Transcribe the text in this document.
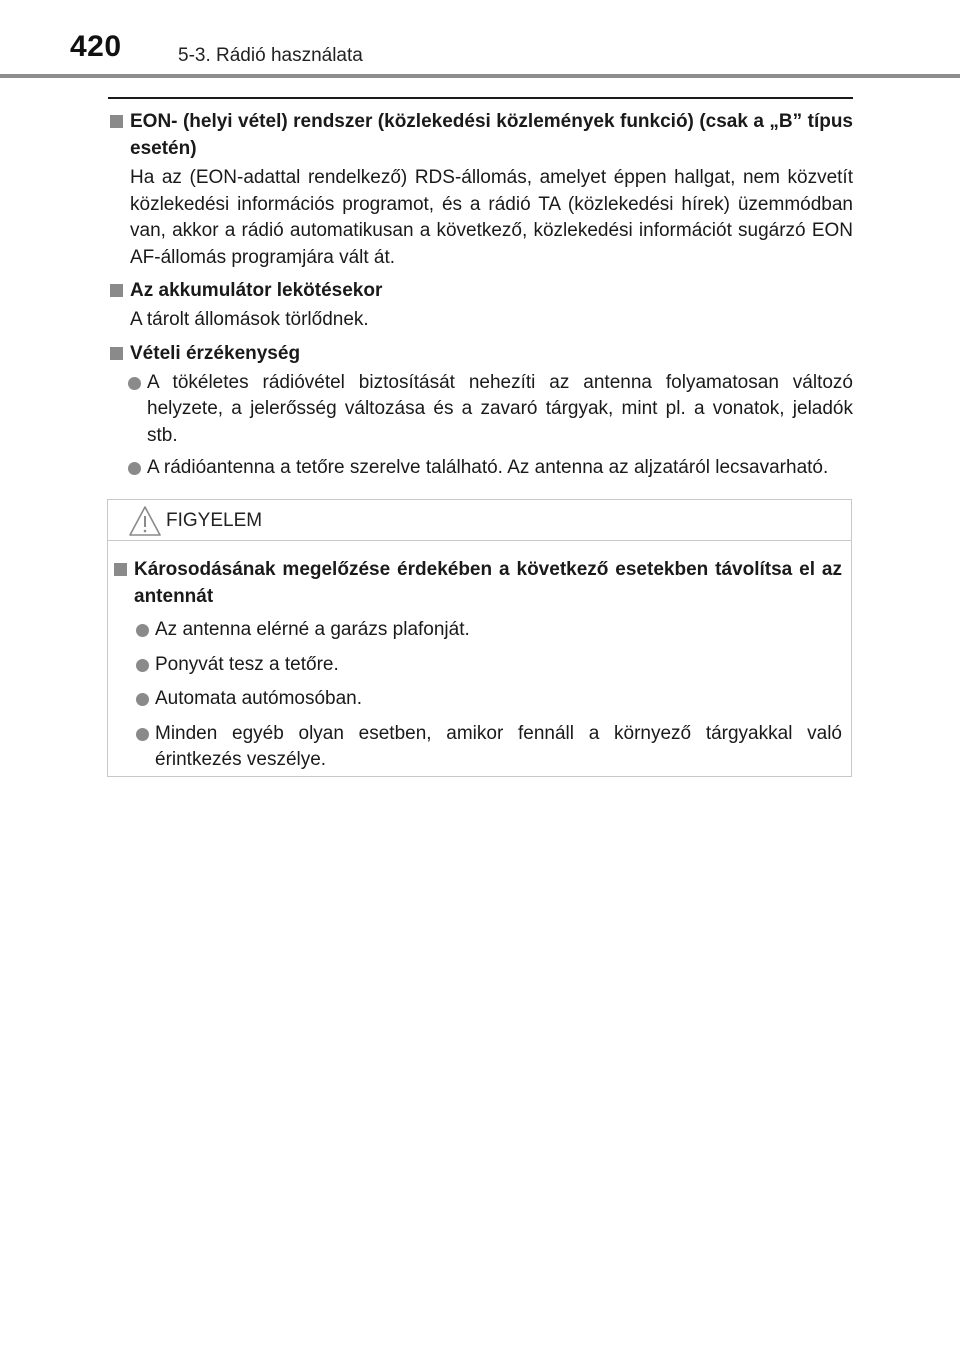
420	5-3. Rádió használata
EON- (helyi vétel) rendszer (közlekedési közlemények funkció) (csak a „B” típus esetén)
Ha az (EON-adattal rendelkező) RDS-állomás, amelyet éppen hallgat, nem közvetít közlekedési információs programot, és a rádió TA (közlekedési hírek) üzemmódban van, akkor a rádió automatikusan a következő, közlekedési információt sugárzó EON AF-állomás programjára vált át.
Az akkumulátor lekötésekor
A tárolt állomások törlődnek.
Vételi érzékenység
A tökéletes rádióvétel biztosítását nehezíti az antenna folyamatosan változó helyzete, a jelerősség változása és a zavaró tárgyak, mint pl. a vonatok, jeladók stb.
A rádióantenna a tetőre szerelve található. Az antenna az aljzatáról lecsavarható.
FIGYELEM
Károsodásának megelőzése érdekében a következő esetekben távolítsa el az antennát
Az antenna elérné a garázs plafonját.
Ponyvát tesz a tetőre.
Automata autómosóban.
Minden egyéb olyan esetben, amikor fennáll a környező tárgyakkal való érintkezés veszélye.
